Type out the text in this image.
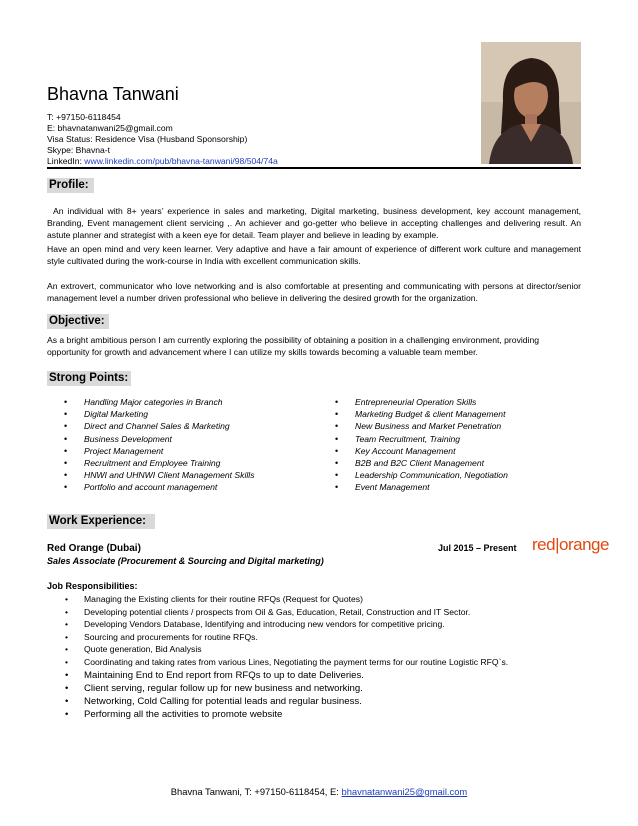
Bhavna Tanwani
T: +97150-6118454
E: bhavnatanwani25@gmail.com
Visa Status: Residence Visa (Husband Sponsorship)
Skype: Bhavna-t
LinkedIn: www.linkedin.com/pub/bhavna-tanwani/98/504/74a
Profile:
An individual with 8+ years’ experience in sales and marketing, Digital marketing, business development, key account management, Branding, Event management client servicing ,. An achiever and go-getter who believe in accepting challenges and delivering result. An astute planner and strategist with a keen eye for detail. Team player and believe in leading by example.
Have an open mind and very keen learner. Very adaptive and have a fair amount of experience of different work culture and management style cultivated during the work-course in India with excellent communication skills.
An extrovert, communicator who love networking and is also comfortable at presenting and communicating with persons at director/senior management level a number driven professional who believe in delivering the desired growth for the organization.
Objective:
As a bright ambitious person I am currently exploring the possibility of obtaining a position in a challenging environment, providing opportunity for growth and advancement where I can utilize my skills towards becoming a valuable team member.
Strong Points:
• Handling Major categories in Branch
• Digital Marketing
• Direct and Channel Sales & Marketing
• Business Development
• Project Management
• Recruitment and Employee Training
• HNWI and UHNWI Client Management Skills
• Portfolio and account management
• Entrepreneurial Operation Skills
• Marketing Budget & client Management
• New Business and Market Penetration
• Team Recruitment, Training
• Key Account Management
• B2B and B2C Client Management
• Leadership Communication, Negotiation
• Event Management
Work Experience:
Red Orange (Dubai)	Jul 2015 – Present red|orange
Sales Associate (Procurement & Sourcing and Digital marketing)
Job Responsibilities:
• Managing the Existing clients for their routine RFQs (Request for Quotes)
• Developing potential clients / prospects from Oil & Gas, Education, Retail, Construction and IT Sector.
• Developing Vendors Database, Identifying and introducing new vendors for competitive pricing.
• Sourcing and procurements for routine RFQs.
• Quote generation, Bid Analysis
• Coordinating and taking rates from various Lines, Negotiating the payment terms for our routine Logistic RFQ`s.
• Maintaining End to End report from RFQs to up to date Deliveries.
• Client serving, regular follow up for new business and networking.
• Networking, Cold Calling for potential leads and regular business.
• Performing all the activities to promote website
Bhavna Tanwani, T: +97150-6118454, E: bhavnatanwani25@gmail.com
